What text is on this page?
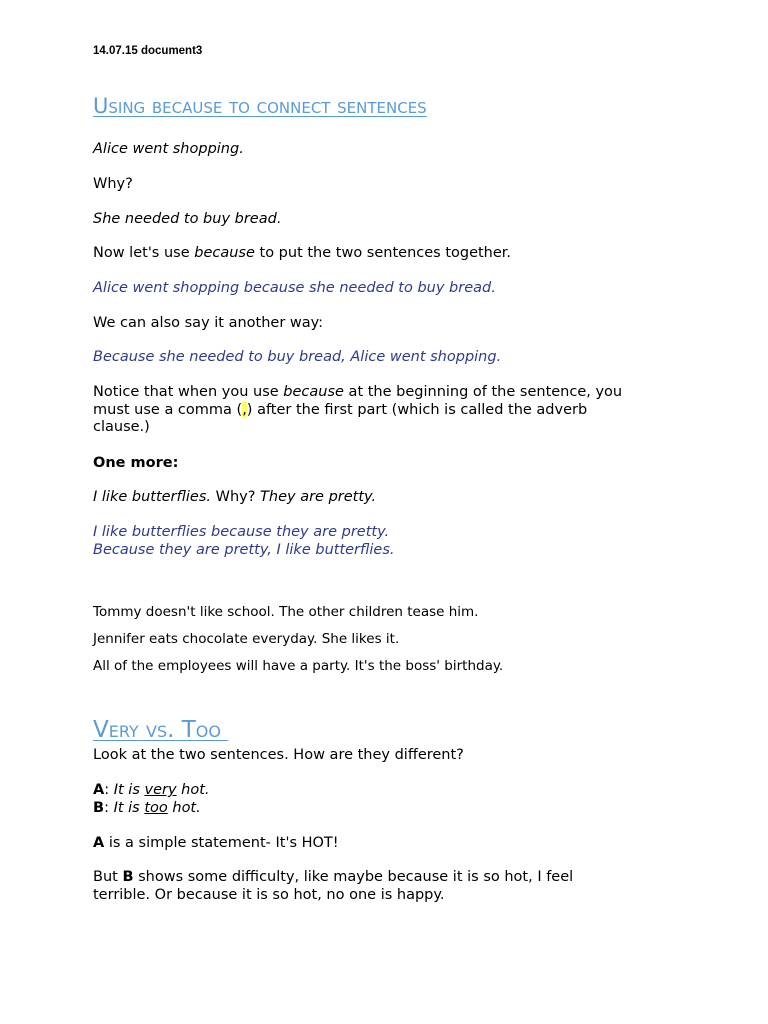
14.07.15 document3

Using because to connect sentences

Alice went shopping.

Why?

She needed to buy bread.

Now let's use because to put the two sentences together.

Alice went shopping because she needed to buy bread.

We can also say it another way:

Because she needed to buy bread, Alice went shopping.

Notice that when you use because at the beginning of the sentence, you
must use a comma (,) after the first part (which is called the adverb
clause.)

One more:

I like butterflies. Why? They are pretty.

I like butterflies because they are pretty.

Because they are pretty, I like butterflies.

Tommy doesn't like school. The other children tease him.

Jennifer eats chocolate everyday. She likes it.

All of the employees will have a party. It's the boss' birthday.

Very vs. Too

Look at the two sentences. How are they different?

A: It is very hot.

B: It is too hot.

A is a simple statement- It's HOT!

But B shows some difficulty, like maybe because it is so hot, I feel
terrible. Or because it is so hot, no one is happy.
